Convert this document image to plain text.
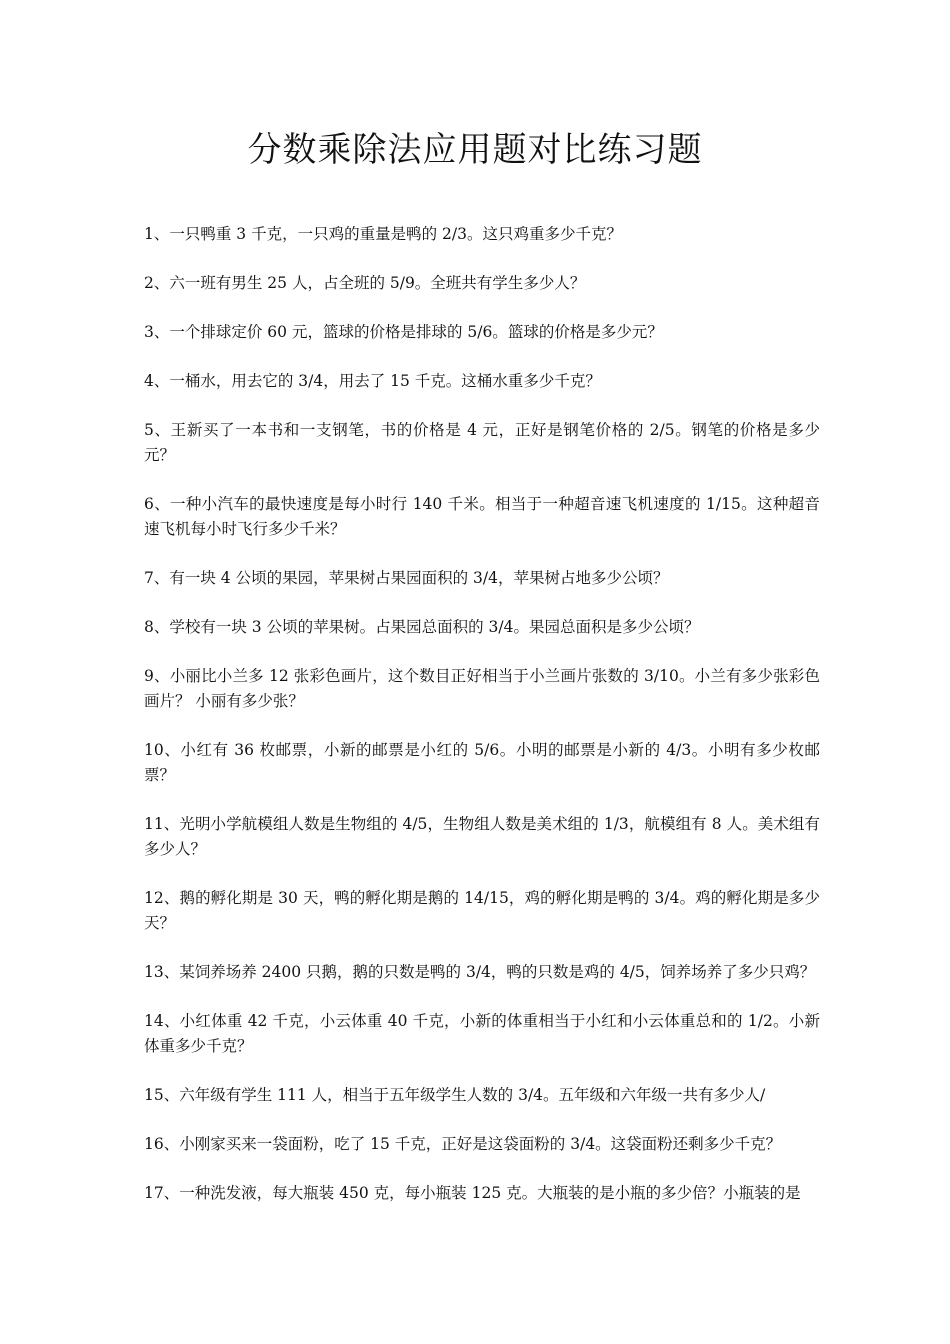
分数乘除法应用题对比练习题

1、一只鸭重 3 千克，一只鸡的重量是鸭的 2/3。这只鸡重多少千克？

2、六一班有男生 25 人，占全班的 5/9。全班共有学生多少人？

3、一个排球定价 60 元，篮球的价格是排球的 5/6。篮球的价格是多少元？

4、一桶水，用去它的 3/4，用去了 15 千克。这桶水重多少千克？

5、王新买了一本书和一支钢笔，书的价格是 4 元，正好是钢笔价格的 2/5。钢笔的价格是多少元？

6、一种小汽车的最快速度是每小时行 140 千米。相当于一种超音速飞机速度的 1/15。这种超音速飞机每小时飞行多少千米？

7、有一块 4 公顷的果园，苹果树占果园面积的 3/4，苹果树占地多少公顷？

8、学校有一块 3 公顷的苹果树。占果园总面积的 3/4。果园总面积是多少公顷？

9、小丽比小兰多 12 张彩色画片，这个数目正好相当于小兰画片张数的 3/10。小兰有多少张彩色画片？ 小丽有多少张？

10、小红有 36 枚邮票，小新的邮票是小红的 5/6。小明的邮票是小新的 4/3。小明有多少枚邮票？

11、光明小学航模组人数是生物组的 4/5，生物组人数是美术组的 1/3，航模组有 8 人。美术组有多少人？

12、鹅的孵化期是 30 天，鸭的孵化期是鹅的 14/15，鸡的孵化期是鸭的 3/4。鸡的孵化期是多少天？

13、某饲养场养 2400 只鹅，鹅的只数是鸭的 3/4，鸭的只数是鸡的 4/5，饲养场养了多少只鸡？

14、小红体重 42 千克，小云体重 40 千克，小新的体重相当于小红和小云体重总和的 1/2。小新体重多少千克？

15、六年级有学生 111 人，相当于五年级学生人数的 3/4。五年级和六年级一共有多少人/

16、小刚家买来一袋面粉，吃了 15 千克，正好是这袋面粉的 3/4。这袋面粉还剩多少千克？

17、一种洗发液，每大瓶装 450 克，每小瓶装 125 克。大瓶装的是小瓶的多少倍？小瓶装的是
